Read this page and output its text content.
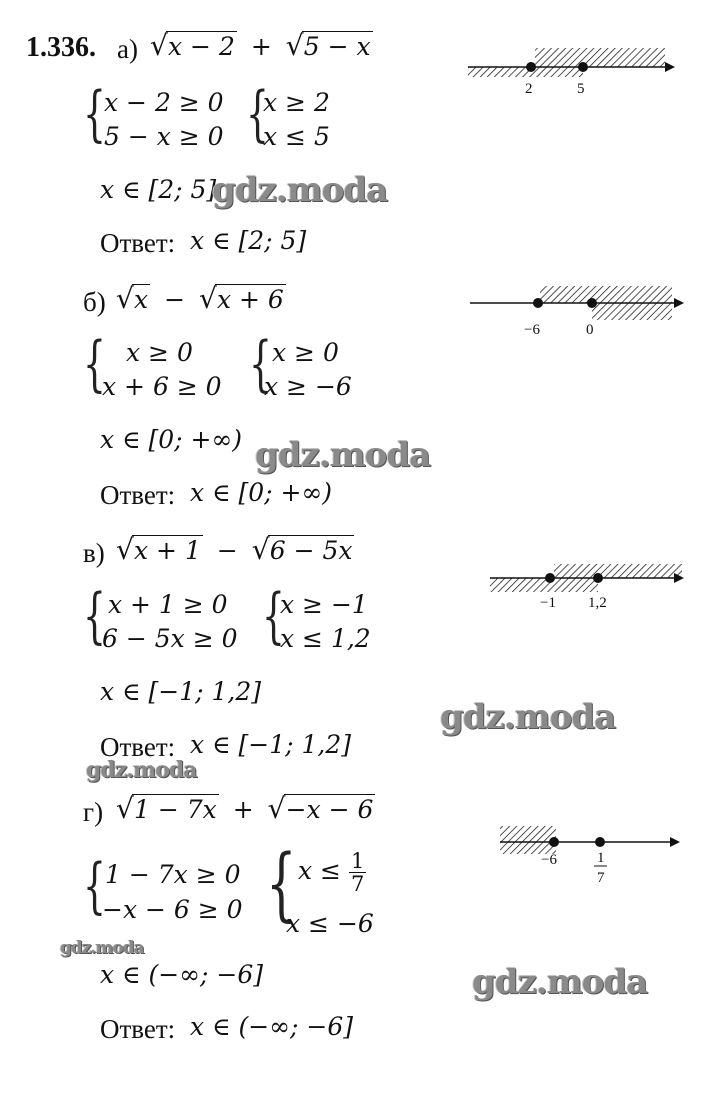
1.336. а)	√ x − 2 + √ 5 − x
{
x − 2 ≥ 0
5 − x ≥ 0 {
x ≥ 2
x ≤ 5
x ∈ [2; 5]
gdz.moda
Ответ: x ∈ [2; 5]
2	5
б)	√ x − √ x + 6
{ x ≥ 0
x + 6 ≥ 0 { x ≥ 0
x ≥ −6
x ∈ [0; +∞) gdz.moda
Ответ: x ∈ [0; +∞)
−6	0
в)	√ x + 1 − √ 6 − 5x
{ x + 1 ≥ 0
6 − 5x ≥ 0 {
x ≥ −1
x ≤ 1,2
x ∈ [−1; 1,2]
gdz.moda
Ответ: x ∈ [−1; 1,2]
gdz.moda
−1 1,2
г)	√ 1 − 7x + √ −x − 6
{ 1 − 7x ≥ 0
−x − 6 ≥ 0 { $x \le \frac{1}{7}$
x ≤ −6
gdz.moda
x ∈ (−∞; −6]	gdz.moda
Ответ: x ∈ (−∞; −6]
−6	1
7
